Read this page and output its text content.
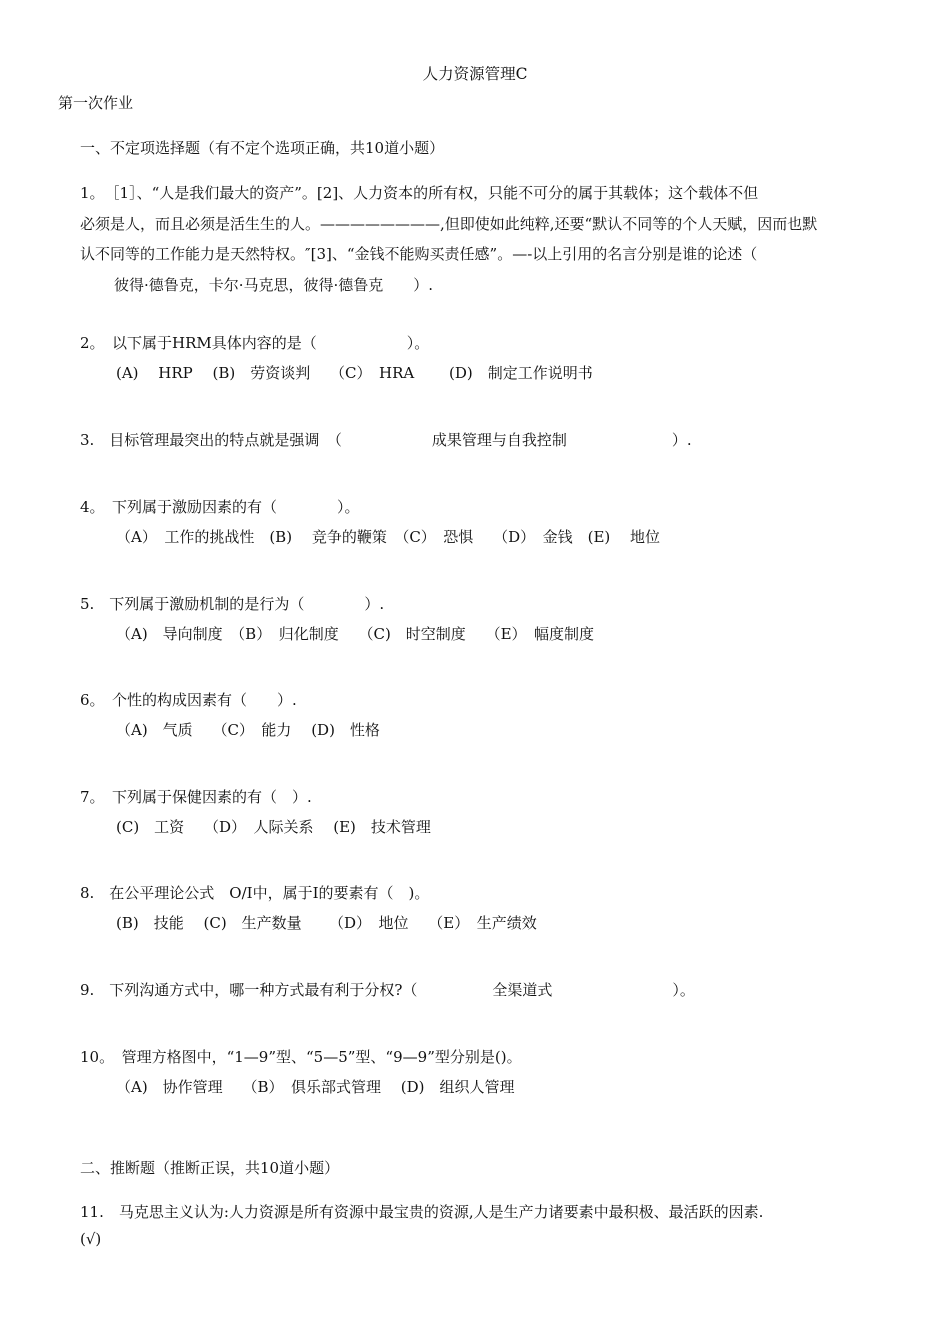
人力资源管理C
第一次作业
一、不定项选择题（有不定个选项正确，共10道小题）
1。　［1］、“人是我们最大的资产”。[2]、人力资本的所有权，只能不可分的属于其载体；这个载体不但
必须是人，而且必须是活生生的人。————————,但即使如此纯粹,还要“默认不同等的个人天赋，因而也默
认不同等的工作能力是天然特权。″[3]、“金钱不能购买责任感”。—-以上引用的名言分别是谁的论述（
彼得·德鲁克，卡尔·马克思，彼得·德鲁克　　）.
2。　以下属于HRM具体内容的是（　　　　　　）。
(A)　 HRP　 (B)　劳资谈判　 （C）　HRA　 　(D)　制定工作说明书
3.　目标管理最突出的特点就是强调　（　　　　　　成果管理与自我控制　　　　　　　）.
4。　下列属于激励因素的有（　　　　）。
（A）　工作的挑战性　(B)　 竞争的鞭策　（C）　恐惧　 （D）　金钱　(E)　 地位
5.　下列属于激励机制的是行为（　　　　）.
（A)　导向制度　（B）　归化制度　 （C)　时空制度　 （E）　幅度制度
6。　个性的构成因素有（　　）.
（A)　气质　 （C）　能力　 (D)　性格
7。　下列属于保健因素的有（　）.
(C)　工资　 （D）　人际关系　 (E)　技术管理
8.　在公平理论公式　O/I中，属于I的要素有（　)。
(B)　技能　 (C)　生产数量　 　（D）　地位　 （E）　生产绩效
9.　下列沟通方式中，哪一种方式最有利于分权?（　　　　　全渠道式　　　　　　　　）。
10。　管理方格图中，“1—9”型、“5—5”型、“9—9”型分别是()。
（A)　协作管理　 （B）　俱乐部式管理　 (D)　组织人管理
二、推断题（推断正误，共10道小题）
11.　马克思主义认为:人力资源是所有资源中最宝贵的资源,人是生产力诸要素中最积极、最活跃的因素.
(√)
